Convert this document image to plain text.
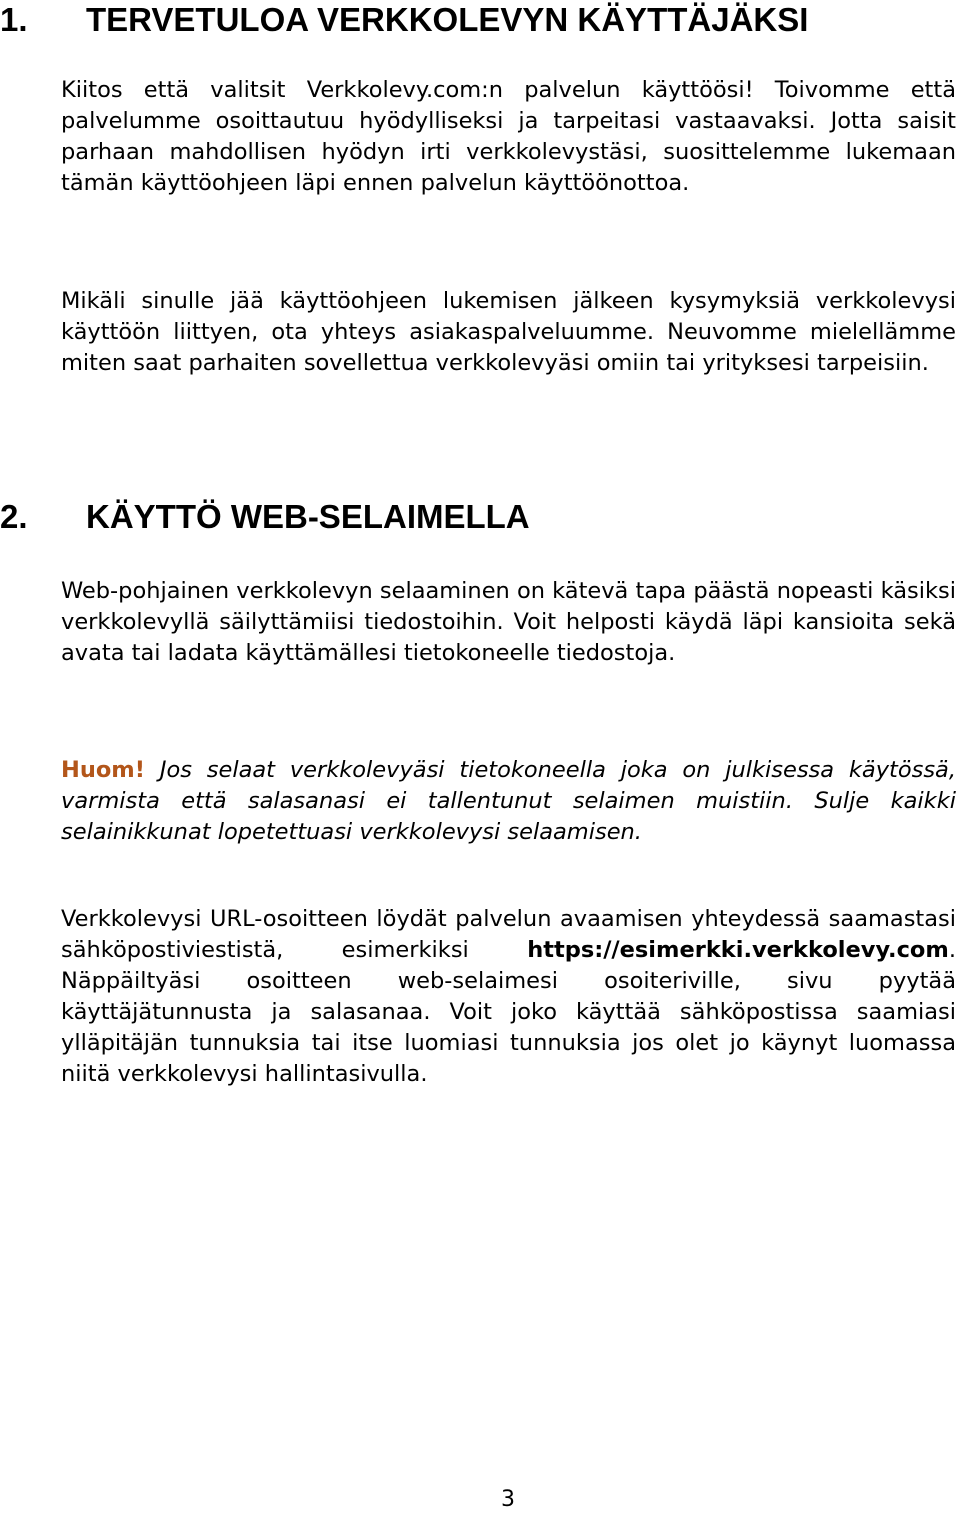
1. TERVETULOA VERKKOLEVYN KÄYTTÄJÄKSI

Kiitos että valitsit Verkkolevy.com:n palvelun käyttöösi! Toivomme että palvelumme osoittautuu hyödylliseksi ja tarpeitasi vastaavaksi. Jotta saisit parhaan mahdollisen hyödyn irti verkkolevystäsi, suosittelemme lukemaan tämän käyttöohjeen läpi ennen palvelun käyttöönottoa.

Mikäli sinulle jää käyttöohjeen lukemisen jälkeen kysymyksiä verkkolevysi käyttöön liittyen, ota yhteys asiakaspalveluumme. Neuvomme mielellämme miten saat parhaiten sovellettua verkkolevyäsi omiin tai yrityksesi tarpeisiin.

2. KÄYTTÖ WEB-SELAIMELLA

Web-pohjainen verkkolevyn selaaminen on kätevä tapa päästä nopeasti käsiksi verkkolevyllä säilyttämiisi tiedostoihin. Voit helposti käydä läpi kansioita sekä avata tai ladata käyttämällesi tietokoneelle tiedostoja.

Huom! Jos selaat verkkolevyäsi tietokoneella joka on julkisessa käytössä, varmista että salasanasi ei tallentunut selaimen muistiin. Sulje kaikki selainikkunat lopetettuasi verkkolevysi selaamisen.

Verkkolevysi URL-osoitteen löydät palvelun avaamisen yhteydessä saamastasi sähköpostiviestistä, esimerkiksi	https://esimerkki.verkkolevy.com. Näppäiltyäsi osoitteen web-selaimesi osoiteriville, sivu pyytää käyttäjätunnusta ja salasanaa. Voit joko käyttää sähköpostissa saamiasi ylläpitäjän tunnuksia tai itse luomiasi tunnuksia jos olet jo käynyt luomassa niitä verkkolevysi hallintasivulla.

3
